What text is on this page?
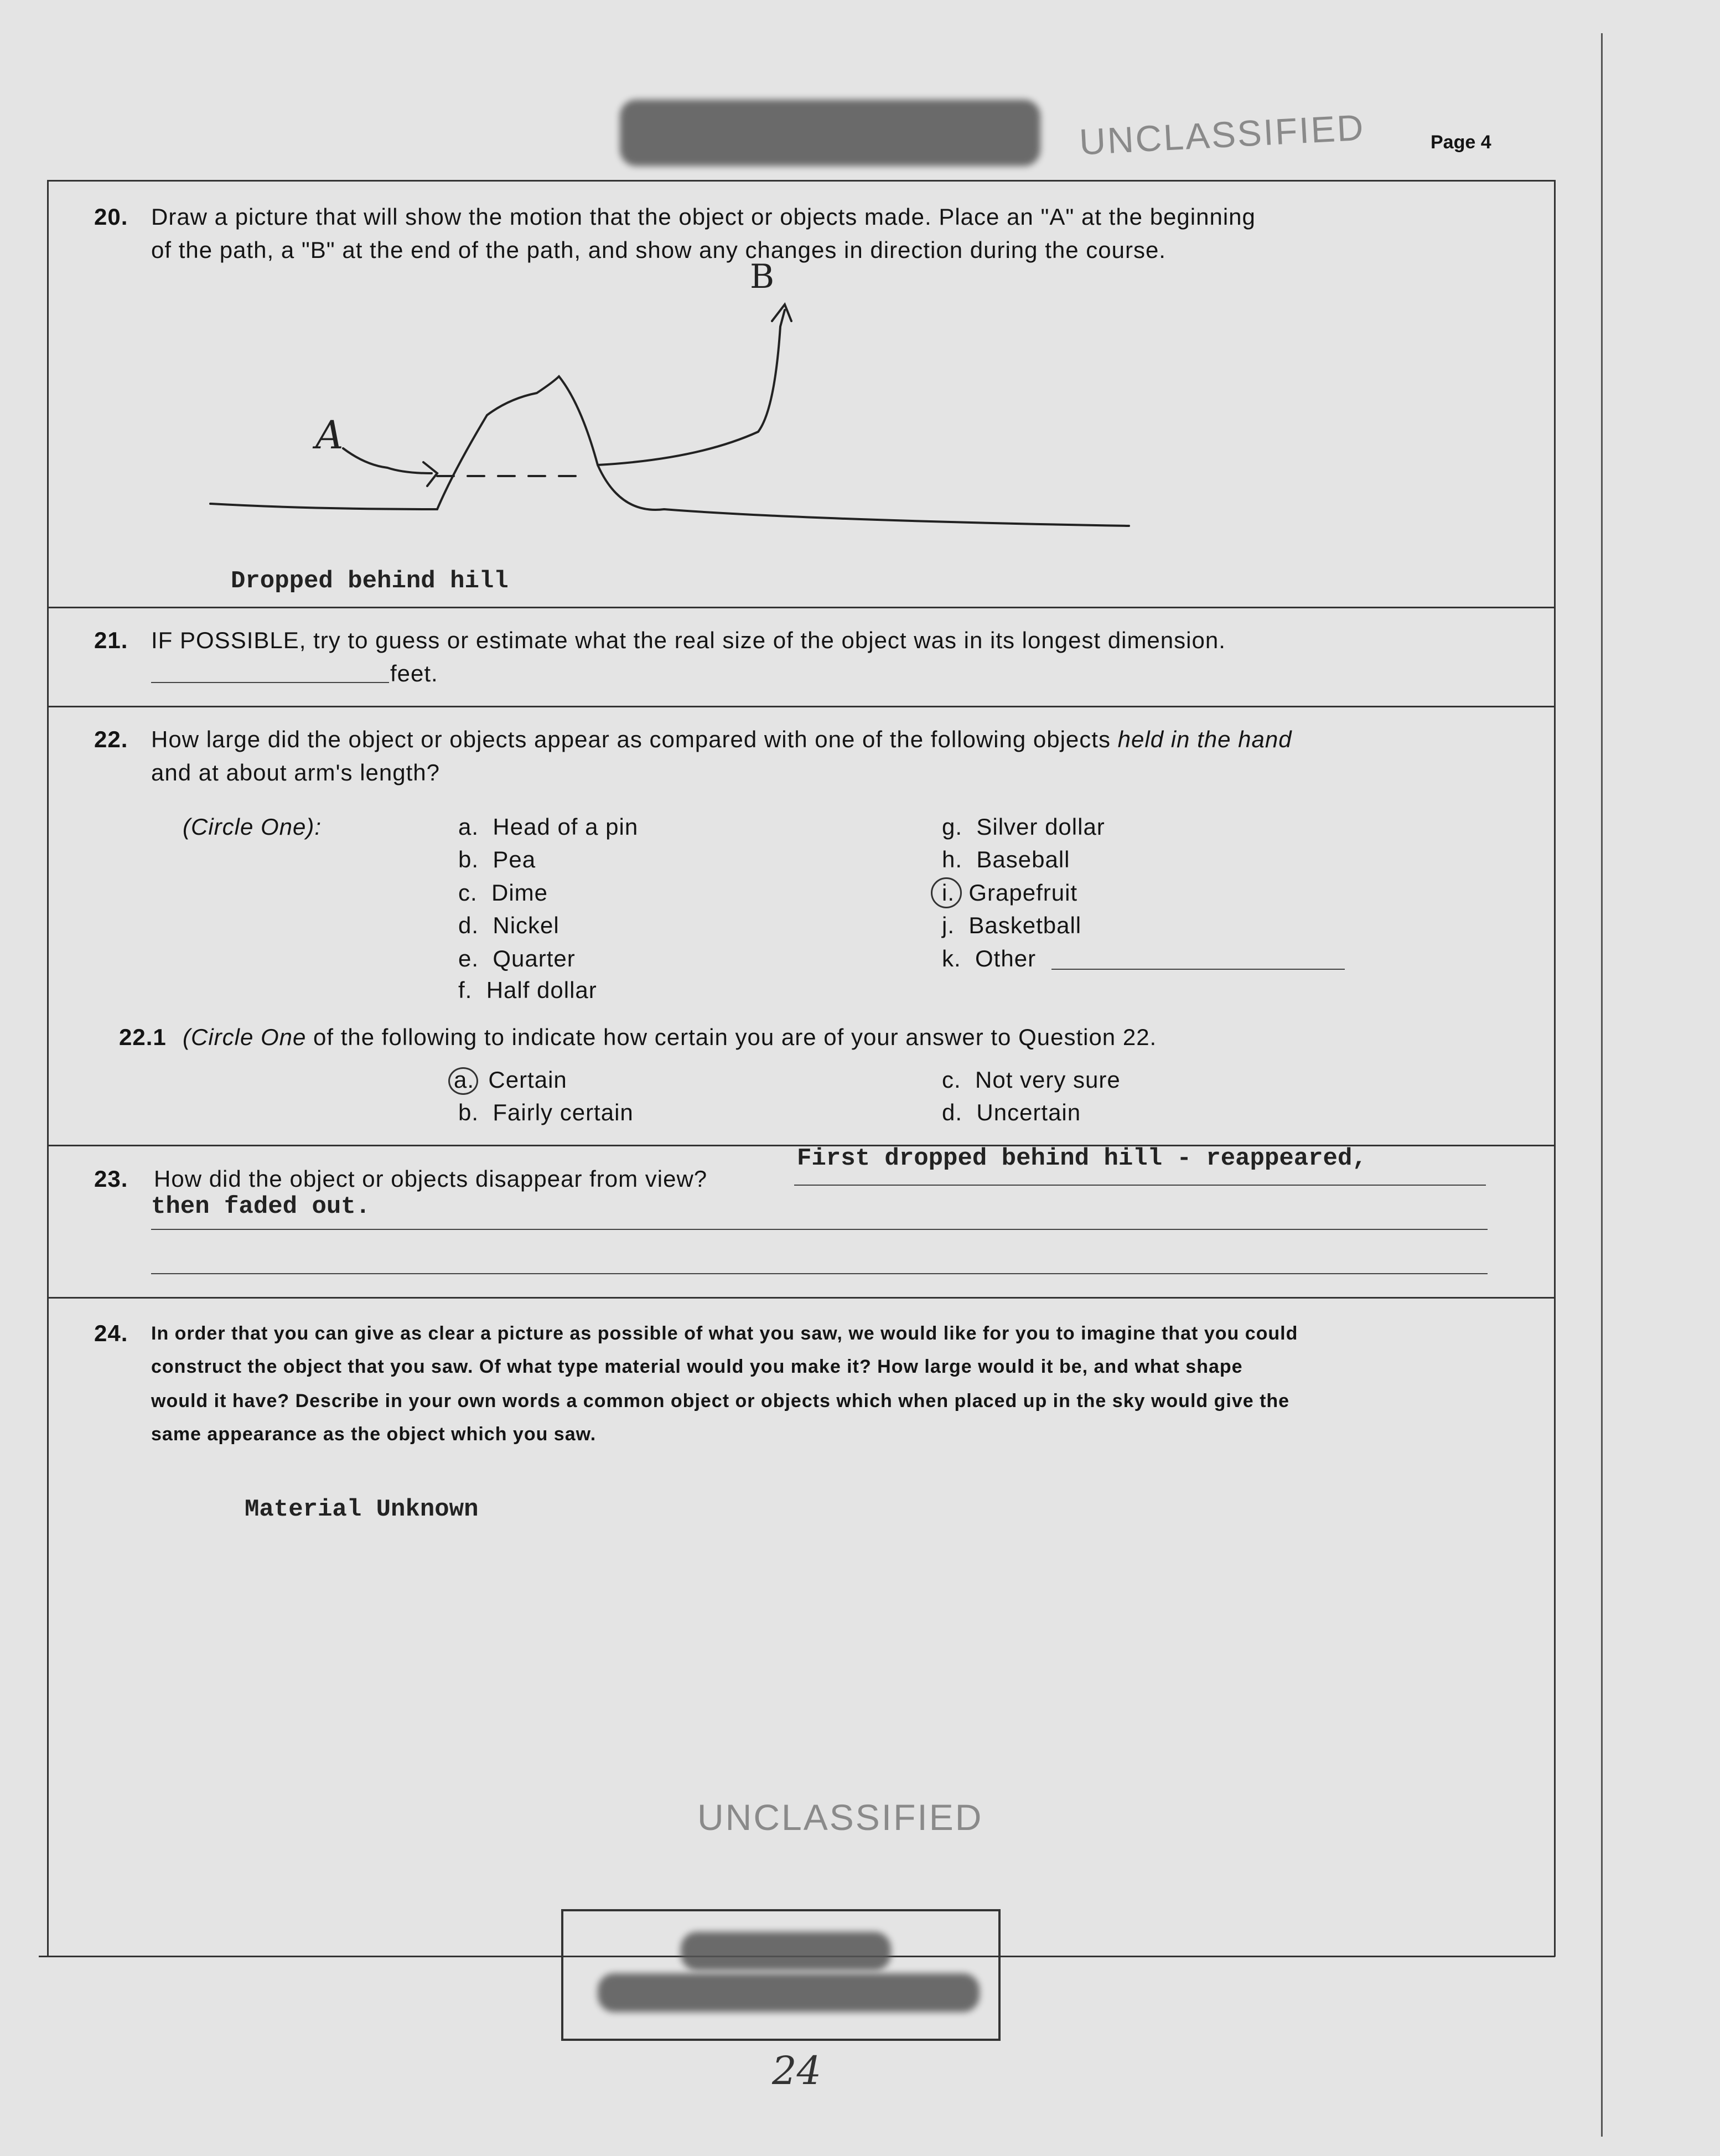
UNCLASSIFIED	Page 4
20. Draw a picture that will show the motion that the object or objects made. Place an "A" at the beginning
of the path, a "B" at the end of the path, and show any changes in direction during the course.
A
B
Dropped behind hill
21. IF POSSIBLE, try to guess or estimate what the real size of the object was in its longest dimension.
feet.
22. How large did the object or objects appear as compared with one of the following objects held in the hand
and at about arm's length?
(Circle One):	a. Head of a pin
b. Pea
c. Dime
d. Nickel
e. Quarter
f. Half dollar
g. Silver dollar
h. Baseball
i. Grapefruit
j. Basketball
k. Other
22.1 (Circle One of the following to indicate how certain you are of your answer to Question 22.
a. Certain
b. Fairly certain
c. Not very sure
d. Uncertain
23. How did the object or objects disappear from view?
First dropped behind hill - reappeared,
then faded out.
24. In order that you can give as clear a picture as possible of what you saw, we would like for you to imagine that you could
construct the object that you saw. Of what type material would you make it? How large would it be, and what shape
would it have? Describe in your own words a common object or objects which when placed up in the sky would give the
same appearance as the object which you saw.
Material Unknown
UNCLASSIFIED
24
